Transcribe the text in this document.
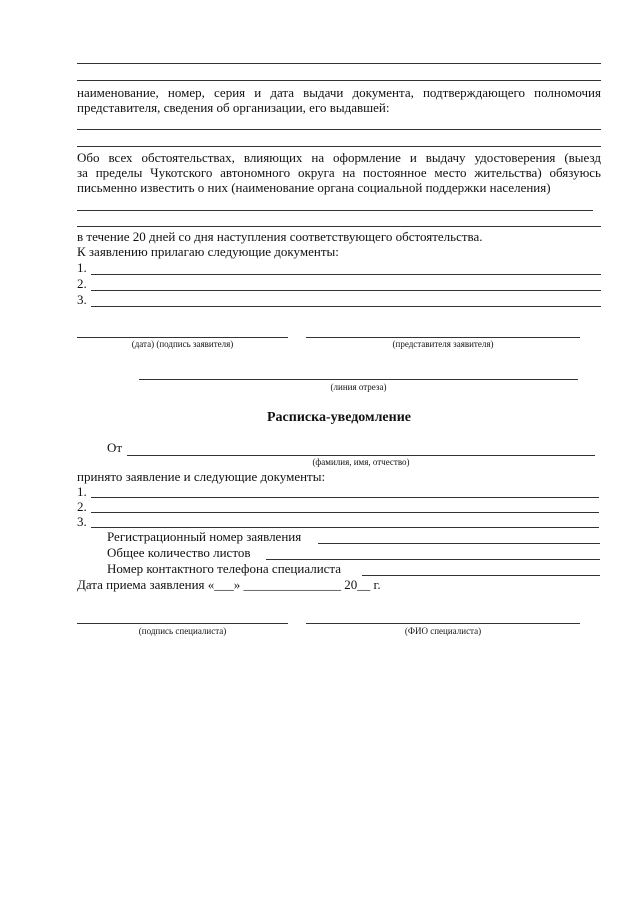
наименование, номер, серия и дата выдачи документа, подтверждающего полномочия
представителя, сведения об организации, его выдавшей:
Обо всех обстоятельствах, влияющих на оформление и выдачу удостоверения (выезд
за пределы Чукотского автономного округа на постоянное место жительства) обязуюсь
письменно известить о них (наименование органа социальной поддержки населения)
в течение 20 дней со дня наступления соответствующего обстоятельства.
К заявлению прилагаю следующие документы:
1.
2.
3.
(дата) (подпись заявителя)	(представителя заявителя)
(линия отреза)
Расписка-уведомление
От
(фамилия, имя, отчество)
принято заявление и следующие документы:
1.
2.
3.
Регистрационный номер заявления
Общее количество листов
Номер контактного телефона специалиста
Дата приема заявления «___» _______________ 20__ г.
(подпись специалиста)	(ФИО специалиста)
